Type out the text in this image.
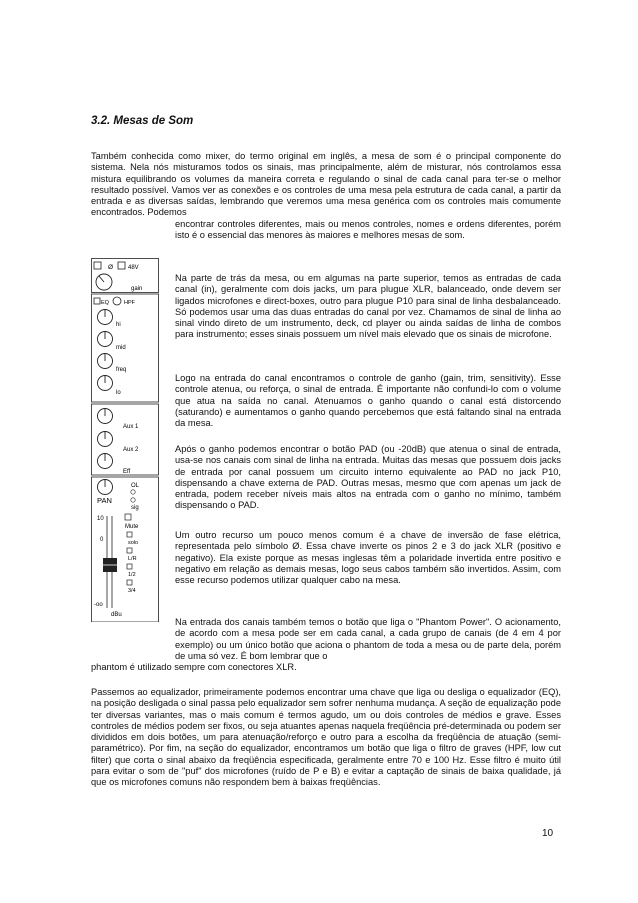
3.2. Mesas de Som

Também conhecida como mixer, do termo original em inglês, a mesa de som é o principal componente do sistema. Nela nós misturamos todos os sinais, mas principalmente, além de misturar, nós controlamos essa mistura equilibrando os volumes da maneira correta e regulando o sinal de cada canal para ter-se o melhor resultado possível. Vamos ver as conexões e os controles de uma mesa pela estrutura de cada canal, a partir da entrada e as diversas saídas, lembrando que veremos uma mesa genérica com os controles mais comumente encontrados. Podemos

encontrar controles diferentes, mais ou menos controles, nomes e ordens diferentes, porém isto é o essencial das menores às maiores e melhores mesas de som.

Na parte de trás da mesa, ou em algumas na parte superior, temos as entradas de cada canal (in), geralmente com dois jacks, um para plugue XLR, balanceado, onde devem ser ligados microfones e direct-boxes, outro para plugue P10 para sinal de linha desbalanceado. Só podemos usar uma das duas entradas do canal por vez. Chamamos de sinal de linha ao sinal vindo direto de um instrumento, deck, cd player ou ainda saídas de linha de combos para instrumento; esses sinais possuem um nível mais elevado que os sinais de microfone.

Logo na entrada do canal encontramos o controle de ganho (gain, trim, sensitivity). Esse controle atenua, ou reforça, o sinal de entrada. É importante não confundi-lo com o volume que atua na saída no canal. Atenuamos o ganho quando o canal está distorcendo (saturando) e aumentamos o ganho quando percebemos que está faltando sinal na entrada da mesa.

Após o ganho podemos encontrar o botão PAD (ou -20dB) que atenua o sinal de entrada, usa-se nos canais com sinal de linha na entrada. Muitas das mesas que possuem dois jacks de entrada por canal possuem um circuito interno equivalente ao PAD no jack P10, dispensando a chave externa de PAD. Outras mesas, mesmo que com apenas um jack de entrada, podem receber níveis mais altos na entrada com o ganho no mínimo, também dispensando o PAD.

Um outro recurso um pouco menos comum é a chave de inversão de fase elétrica, representada pelo símbolo Ø. Essa chave inverte os pinos 2 e 3 do jack XLR (positivo e negativo). Ela existe porque as mesas inglesas têm a polaridade invertida entre positivo e negativo em relação as demais mesas, logo seus cabos também são invertidos. Assim, com esse recurso podemos utilizar qualquer cabo na mesa.

Na entrada dos canais também temos o botão que liga o "Phantom Power". O acionamento, de acordo com a mesa pode ser em cada canal, a cada grupo de canais (de 4 em 4 por exemplo) ou um único botão que aciona o phantom de toda a mesa ou de parte dela, porém de uma só vez. É bom lembrar que o

phantom é utilizado sempre com conectores XLR.

Passemos ao equalizador, primeiramente podemos encontrar uma chave que liga ou desliga o equalizador (EQ), na posição desligada o sinal passa pelo equalizador sem sofrer nenhuma mudança. A seção de equalização pode ter diversas variantes, mas o mais comum é termos agudo, um ou dois controles de médios e grave. Esses controles de médios podem ser fixos, ou seja atuantes apenas naquela freqüência pré-determinada ou podem ser divididos em dois botões, um para atenuação/reforço e outro para a escolha da freqüência de atuação (semi-paramétrico). Por fim, na seção do equalizador, encontramos um botão que liga o filtro de graves (HPF, low cut filter) que corta o sinal abaixo da freqüência especificada, geralmente entre 70 e 100 Hz. Esse filtro é muito útil para evitar o som de "puf" dos microfones (ruído de P e B) e evitar a captação de sinais de baixa qualidade, já que os microfones comuns não respondem bem à baixas freqüências.

Ø 48V
gain
EQ	HPF
hi
mid
freq
lo
Aux 1
Aux 2
Eff
OL
PAN
sig
10
0
Mute
solo
L/R
1/2
3/4
-oo
dBu
10
